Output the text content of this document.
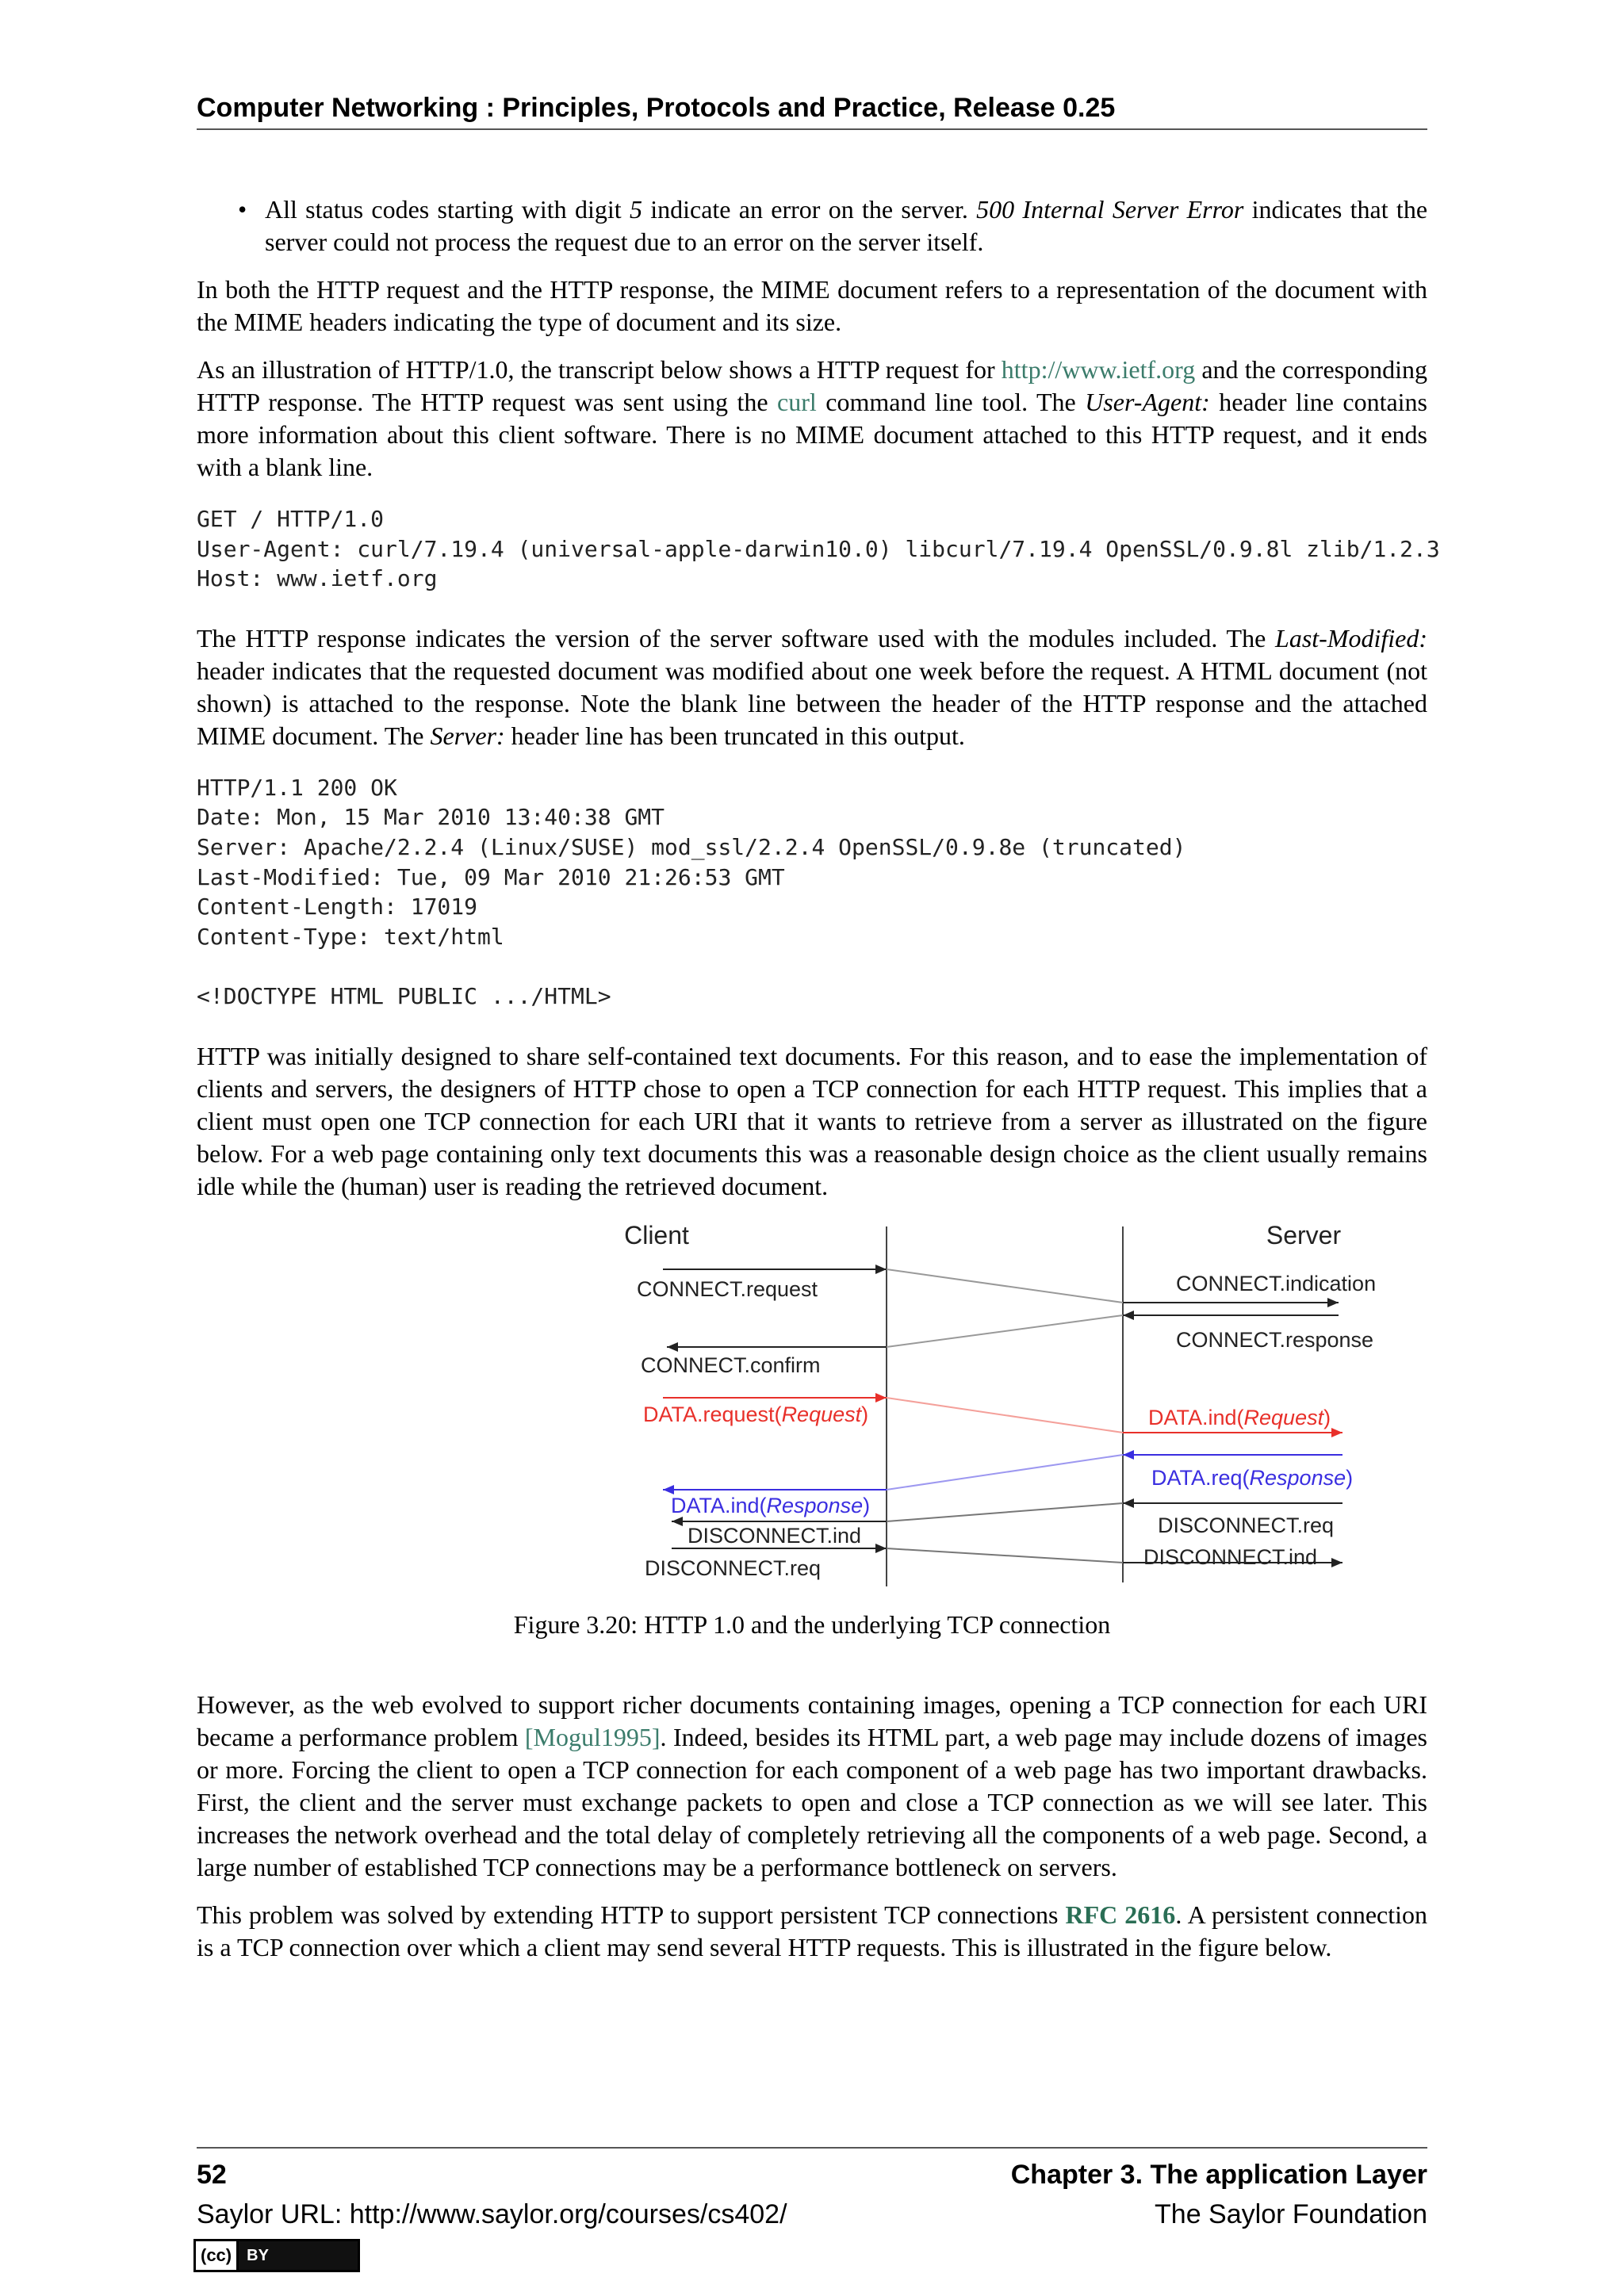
Computer Networking : Principles, Protocols and Practice, Release 0.25

• All status codes starting with digit 5 indicate an error on the server. 500 Internal Server Error indicates that the server could not process the request due to an error on the server itself.

In both the HTTP request and the HTTP response, the MIME document refers to a representation of the document with the MIME headers indicating the type of document and its size.

As an illustration of HTTP/1.0, the transcript below shows a HTTP request for http://www.ietf.org and the corresponding HTTP response. The HTTP request was sent using the curl command line tool. The User-Agent: header line contains more information about this client software. There is no MIME document attached to this HTTP request, and it ends with a blank line.

GET / HTTP/1.0
User-Agent: curl/7.19.4 (universal-apple-darwin10.0) libcurl/7.19.4 OpenSSL/0.9.8l zlib/1.2.3
Host: www.ietf.org

The HTTP response indicates the version of the server software used with the modules included. The Last-Modified: header indicates that the requested document was modified about one week before the request. A HTML document (not shown) is attached to the response. Note the blank line between the header of the HTTP response and the attached MIME document. The Server: header line has been truncated in this output.

HTTP/1.1 200 OK
Date: Mon, 15 Mar 2010 13:40:38 GMT
Server: Apache/2.2.4 (Linux/SUSE) mod_ssl/2.2.4 OpenSSL/0.9.8e (truncated)
Last-Modified: Tue, 09 Mar 2010 21:26:53 GMT
Content-Length: 17019
Content-Type: text/html

<!DOCTYPE HTML PUBLIC .../HTML>

HTTP was initially designed to share self-contained text documents. For this reason, and to ease the implementation of clients and servers, the designers of HTTP chose to open a TCP connection for each HTTP request. This implies that a client must open one TCP connection for each URI that it wants to retrieve from a server as illustrated on the figure below. For a web page containing only text documents this was a reasonable design choice as the client usually remains idle while the (human) user is reading the retrieved document.

Client	Server
CONNECT.request	CONNECT.indication
CONNECT.response
CONNECT.confirm
DATA.request(Request)	DATA.ind(Request)
DATA.req(Response)
DATA.ind(Response)
DISCONNECT.req
DISCONNECT.ind
DISCONNECT.req	DISCONNECT.ind

Figure 3.20: HTTP 1.0 and the underlying TCP connection

However, as the web evolved to support richer documents containing images, opening a TCP connection for each URI became a performance problem [Mogul1995]. Indeed, besides its HTML part, a web page may include dozens of images or more. Forcing the client to open a TCP connection for each component of a web page has two important drawbacks. First, the client and the server must exchange packets to open and close a TCP connection as we will see later. This increases the network overhead and the total delay of completely retrieving all the components of a web page. Second, a large number of established TCP connections may be a performance bottleneck on servers.

This problem was solved by extending HTTP to support persistent TCP connections RFC 2616. A persistent connection is a TCP connection over which a client may send several HTTP requests. This is illustrated in the figure below.

52	Chapter 3. The application Layer
Saylor URL: http://www.saylor.org/courses/cs402/	The Saylor Foundation
(cc) BY
